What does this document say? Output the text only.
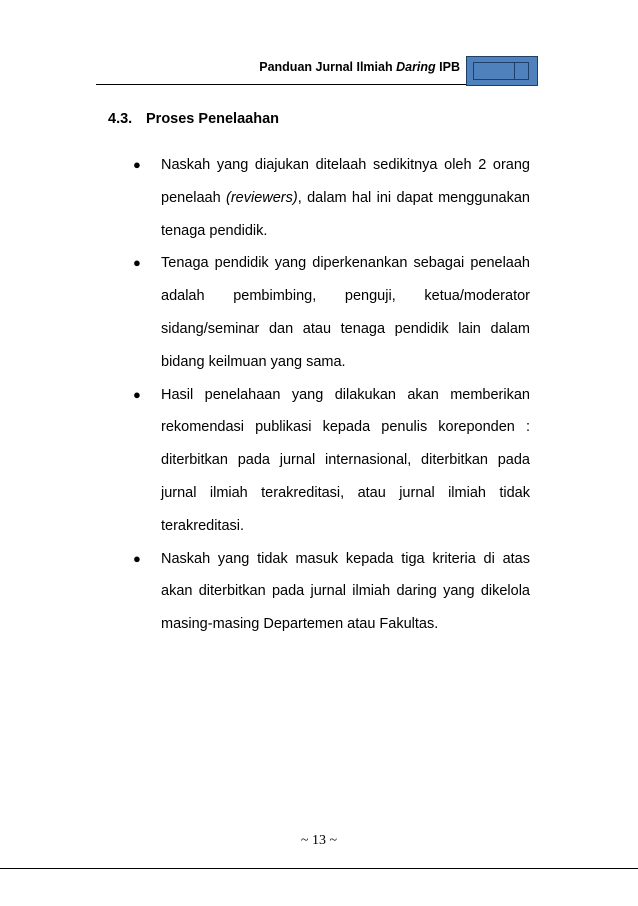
Panduan Jurnal Ilmiah Daring IPB
4.3. Proses Penelaahan
● Naskah yang diajukan ditelaah sedikitnya oleh 2 orang penelaah (reviewers), dalam hal ini dapat menggunakan tenaga pendidik.
● Tenaga pendidik yang diperkenankan sebagai penelaah adalah pembimbing, penguji, ketua/moderator sidang/seminar dan atau tenaga pendidik lain dalam bidang keilmuan yang sama.
● Hasil penelahaan yang dilakukan akan memberikan rekomendasi publikasi kepada penulis koreponden : diterbitkan pada jurnal internasional, diterbitkan pada jurnal ilmiah terakreditasi, atau jurnal ilmiah tidak terakreditasi.
● Naskah yang tidak masuk kepada tiga kriteria di atas akan diterbitkan pada jurnal ilmiah daring yang dikelola masing-masing Departemen atau Fakultas.
~ 13 ~
